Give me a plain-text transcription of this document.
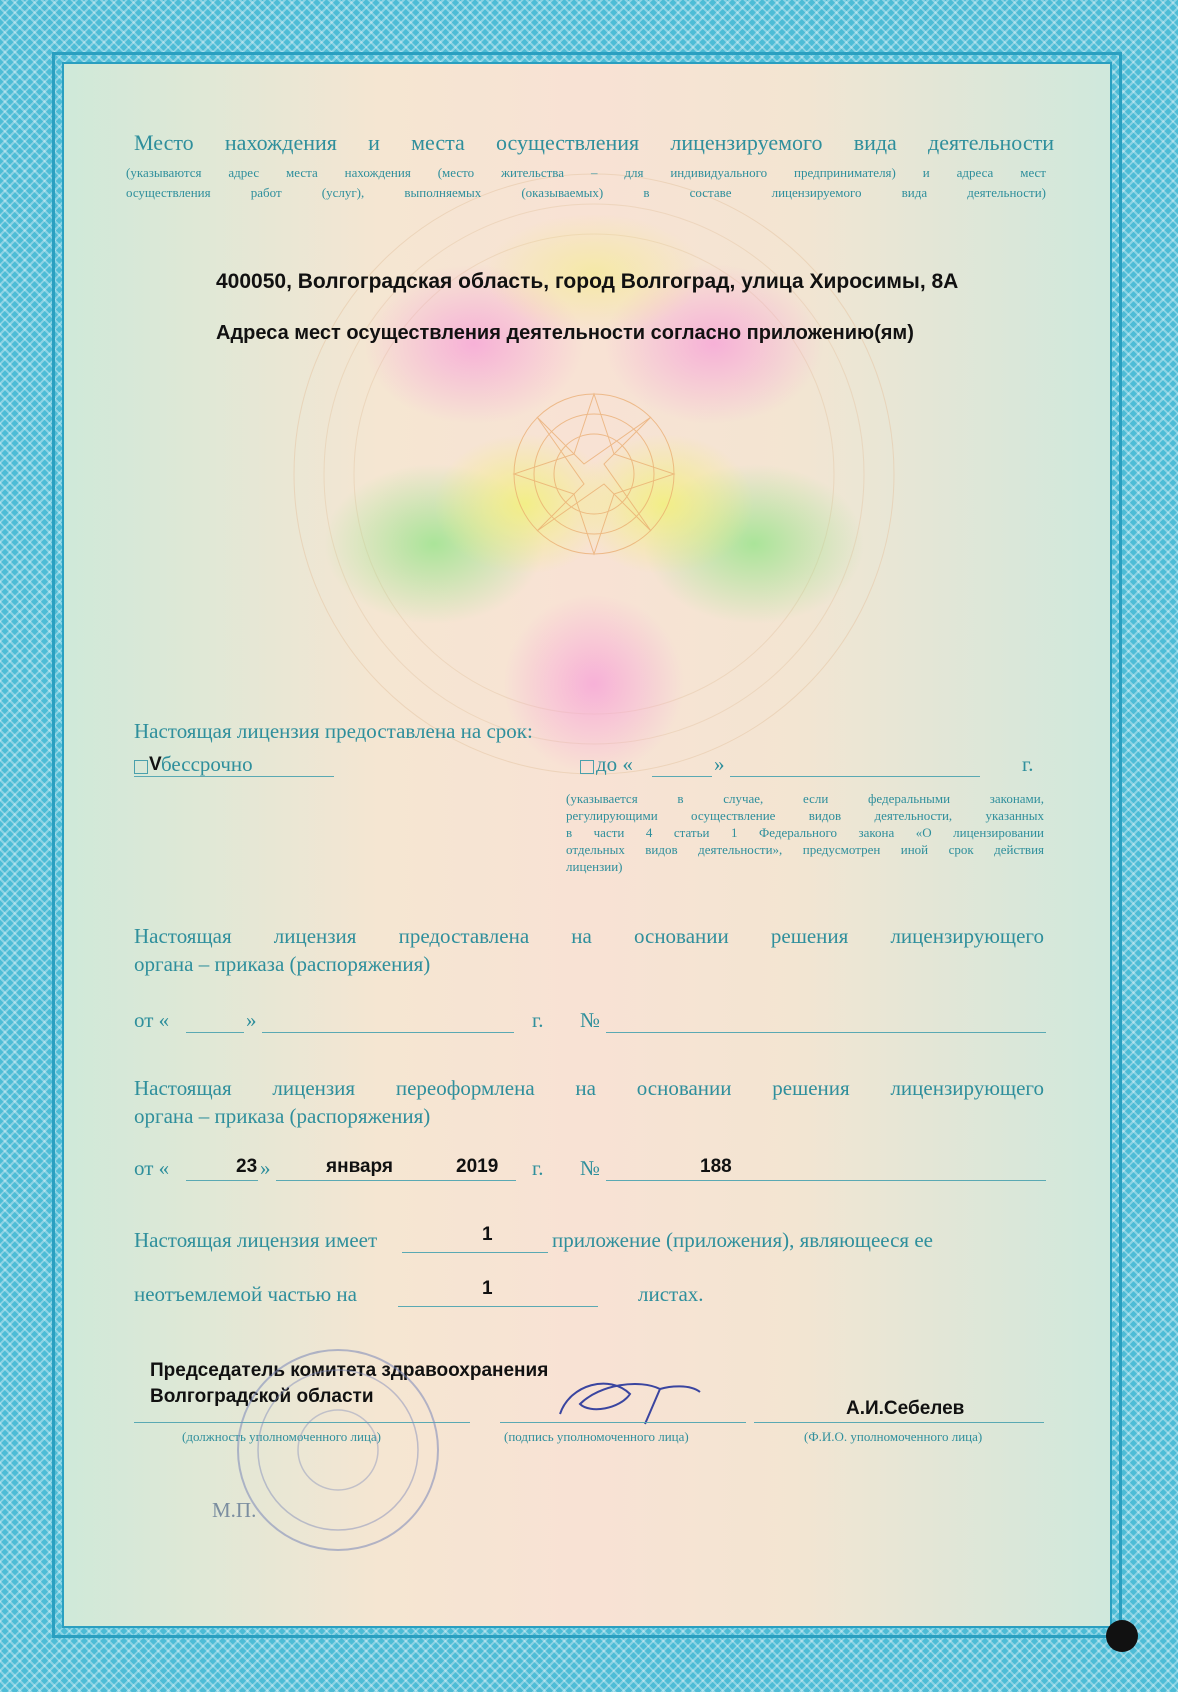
Место нахождения и места осуществления лицензируемого вида деятельности
(указываются адрес места нахождения (место жительства – для индивидуального предпринимателя) и адреса мест
осуществления работ (услуг), выполняемых (оказываемых) в составе лицензируемого вида деятельности)
400050, Волгоградская область, город Волгоград, улица Хиросимы, 8А
Адреса мест осуществления деятельности согласно приложению(ям)
Настоящая лицензия предоставлена на срок:
V бессрочно	до «	»	г.
(указывается в случае, если федеральными законами,
регулирующими осуществление видов деятельности, указанных
в части 4 статьи 1 Федерального закона «О лицензировании
отдельных видов деятельности», предусмотрен иной срок действия
лицензии)
Настоящая лицензия предоставлена на основании решения лицензирующего
органа – приказа (распоряжения)
от «	»	г. №
Настоящая лицензия переоформлена на основании решения лицензирующего
органа – приказа (распоряжения)
от «	23 »	января	2019 г. №	188
Настоящая лицензия имеет	1	приложение (приложения), являющееся ее
неотъемлемой частью на	1	листах.
Председатель комитета здравоохранения
Волгоградской области
(должность уполномоченного лица)	(подпись уполномоченного лица)
А.И.Себелев
(Ф.И.О. уполномоченного лица)
М.П.
